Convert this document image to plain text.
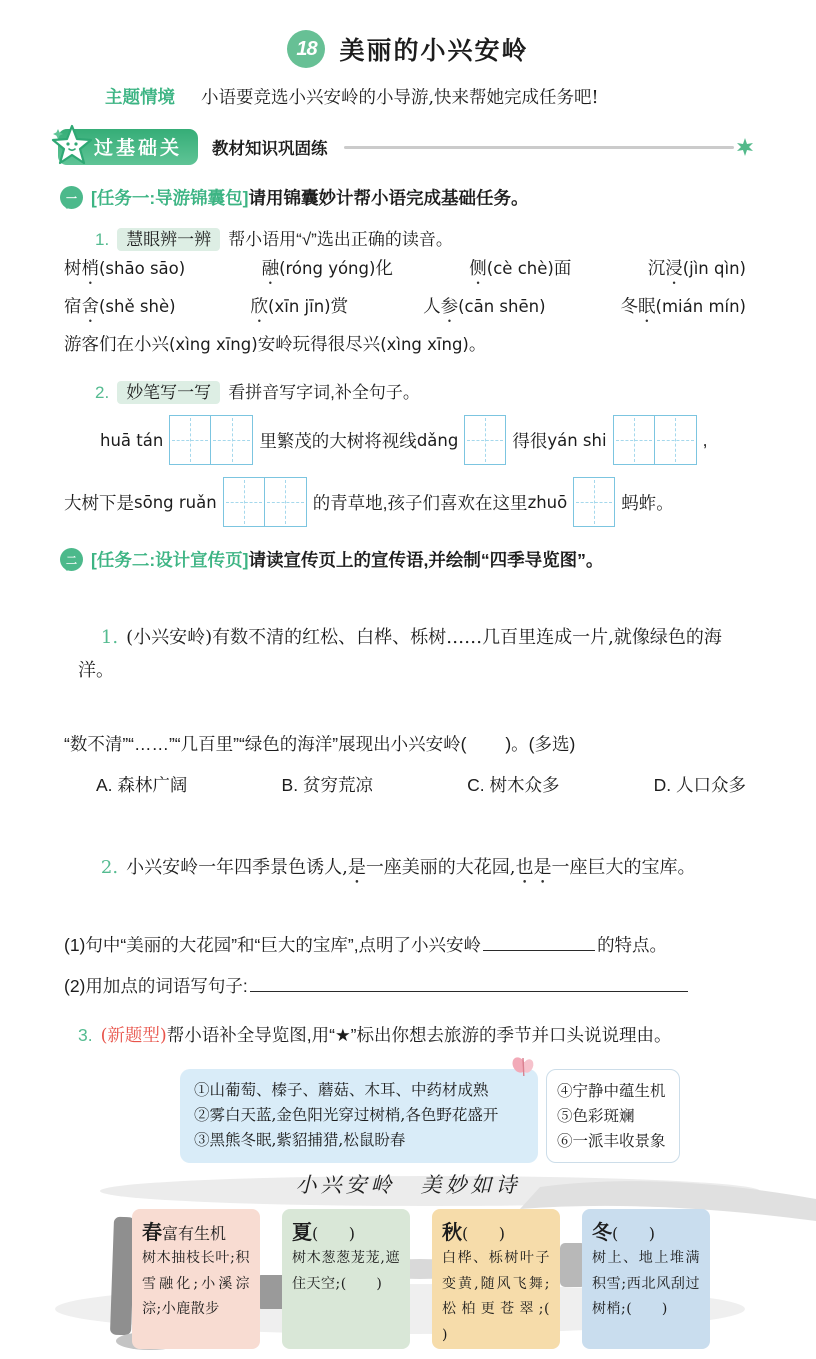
18 美丽的小兴安岭
主题情境 小语要竞选小兴安岭的小导游,快来帮她完成任务吧!
过基础关	教材知识巩固练
一 [任务一:导游锦囊包] 请用锦囊妙计帮小语完成基础任务。
1. 慧眼辨一辨 帮小语用“√”选出正确的读音。
树梢(shāo sāo)	融(róng yóng)化	侧(cè chè)面	沉浸(jìn qìn)
宿舍(shě shè)	欣(xīn jīn)赏	人参(cān shēn)	冬眠(mián mín)
游客们在小兴(xìng xīng)安岭玩得很尽兴(xìng xīng)。
2. 妙笔写一写 看拼音写字词,补全句子。
huā tán	里繁茂的大树将视线 dǎng	得很 yán shi	,
大树下是 sōng ruǎn	的青草地,孩子们喜欢在这里 zhuō	蚂蚱。
二 [任务二:设计宣传页] 请读宣传页上的宣传语,并绘制“四季导览图”。

1. (小兴安岭)有数不清的红松、白桦、栎树……几百里连成一片,就像绿色的海洋。

“数不清”“……”“几百里”“绿色的海洋”展现出小兴安岭(        )。(多选)
A. 森林广阔	B. 贫穷荒凉	C. 树木众多	D. 人口众多

2. 小兴安岭一年四季景色诱人,是一座美丽的大花园,也是一座巨大的宝库。

(1)句中“美丽的大花园”和“巨大的宝库”,点明了小兴安岭	的特点。
(2)用加点的词语写句子:
3. (新题型)帮小语补全导览图,用“★”标出你想去旅游的季节并口头说说理由。
①山葡萄、榛子、蘑菇、木耳、中药材成熟
②雾白天蓝,金色阳光穿过树梢,各色野花盛开
③黑熊冬眠,紫貂捕猎,松鼠盼春
④宁静中蕴生机
⑤色彩斑斓
⑥一派丰收景象
小兴安岭　美妙如诗
春富有生机
树木抽枝长叶;积雪融化;小溪淙淙;小鹿散步
夏(      )
树木葱葱茏茏,遮住天空;(      )
秋(      )
白桦、栎树叶子变黄,随风飞舞;松柏更苍翠;(      )
冬(      )
树上、地上堆满积雪;西北风刮过树梢;(      )
